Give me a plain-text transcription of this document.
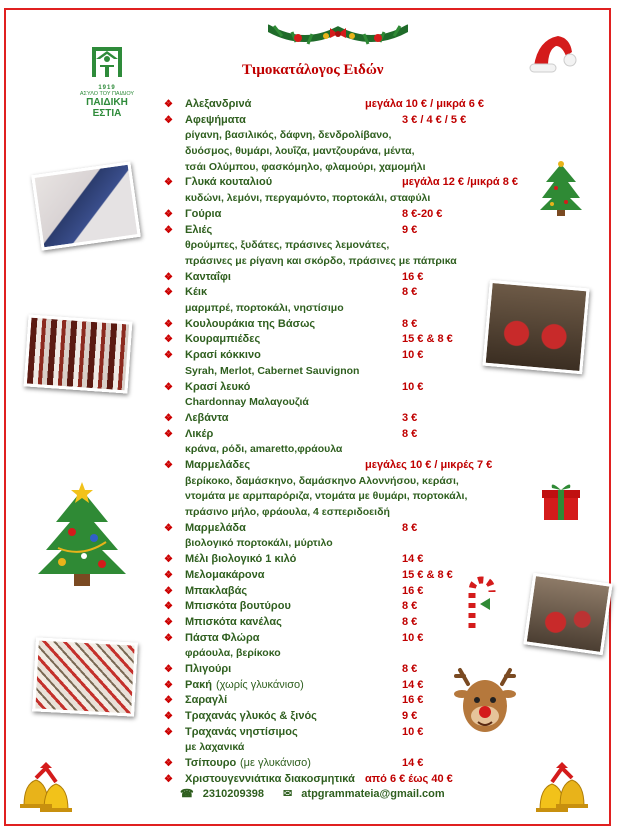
1919
ΑΣΥΛΟ ΤΟΥ ΠΑΙΔΙΟΥ
ΠΑΙΔΙΚΗ ΕΣΤΙΑ
Τιμοκατάλογος Ειδών
❖ Αλεξανδρινά	μεγάλα 10 € / μικρά 6 €
❖ Αφεψήματα	3 € / 4 € / 5 €
ρίγανη, βασιλικός, δάφνη, δενδρολίβανο,
δυόσμος, θυμάρι, λουΐζα, μαντζουράνα, μέντα,
τσάι Ολύμπου, φασκόμηλο, φλαμούρι, χαμομήλι
❖ Γλυκά κουταλιού	μεγάλα 12 € /μικρά 8 €
κυδώνι, λεμόνι, περγαμόντο, πορτοκάλι, σταφύλι
❖ Γούρια	8 €-20 €
❖ Ελιές	9 €
θρούμπες, ξυδάτες, πράσινες λεμονάτες,
πράσινες με ρίγανη και σκόρδο, πράσινες με πάπρικα
❖ Κανταΐφι	16 €
❖ Κέικ	8 €
μαρμπρέ, πορτοκάλι, νηστίσιμο
❖ Κουλουράκια της Βάσως	8 €
❖ Κουραμπιέδες	15 € & 8 €
❖ Κρασί κόκκινο	10 €
Syrah, Merlot, Cabernet Sauvignon
❖ Κρασί λευκό	10 €
Chardonnay Μαλαγουζιά
❖ Λεβάντα	3 €
❖ Λικέρ	8 €
κράνα, ρόδι, amaretto,φράουλα
❖ Μαρμελάδες	μεγάλες 10 € / μικρές 7 €
βερίκοκο, δαμάσκηνο, δαμάσκηνο Αλοννήσου, κεράσι,
ντομάτα με αρμπαρόριζα, ντομάτα με θυμάρι, πορτοκάλι,
πράσινο μήλο, φράουλα, 4 εσπεριδοειδή
❖ Μαρμελάδα	8 €
βιολογικό πορτοκάλι, μύρτιλο
❖ Μέλι βιολογικό 1 κιλό	14 €
❖ Μελομακάρονα	15 € & 8 €
❖ Μπακλαβάς	16 €
❖ Μπισκότα βουτύρου	8 €
❖ Μπισκότα κανέλας	8 €
❖ Πάστα Φλώρα	10 €
φράουλα, βερίκοκο
❖ Πλιγούρι	8 €
❖ Ρακή (χωρίς γλυκάνισο)	14 €
❖ Σαραγλί	16 €
❖ Τραχανάς γλυκός & ξινός	9 €
❖ Τραχανάς νηστίσιμος	10 €
με λαχανικά
❖ Τσίπουρο (με γλυκάνισο)	14 €
❖ Χριστουγεννιάτικα διακοσμητικά από 6 € έως 40 €
☎ 2310209398 ✉ atpgrammateia@gmail.com
